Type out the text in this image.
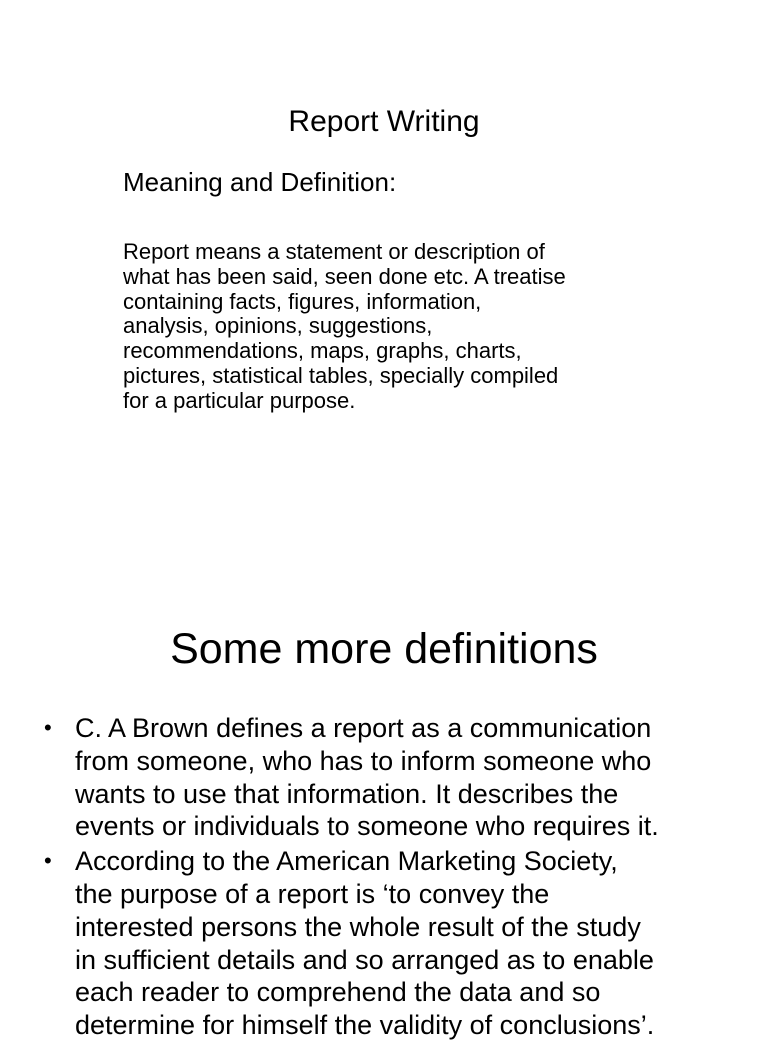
Report Writing
Meaning and Definition:
Report means a statement or description of
what has been said, seen done etc. A treatise
containing facts, figures, information,
analysis, opinions, suggestions,
recommendations, maps, graphs, charts,
pictures, statistical tables, specially compiled
for a particular purpose.
Some more definitions
• C. A Brown defines a report as a communication
from someone, who has to inform someone who
wants to use that information. It describes the
events or individuals to someone who requires it.
• According to the American Marketing Society,
the purpose of a report is ‘to convey the
interested persons the whole result of the study
in sufficient details and so arranged as to enable
each reader to comprehend the data and so
determine for himself the validity of conclusions’.
